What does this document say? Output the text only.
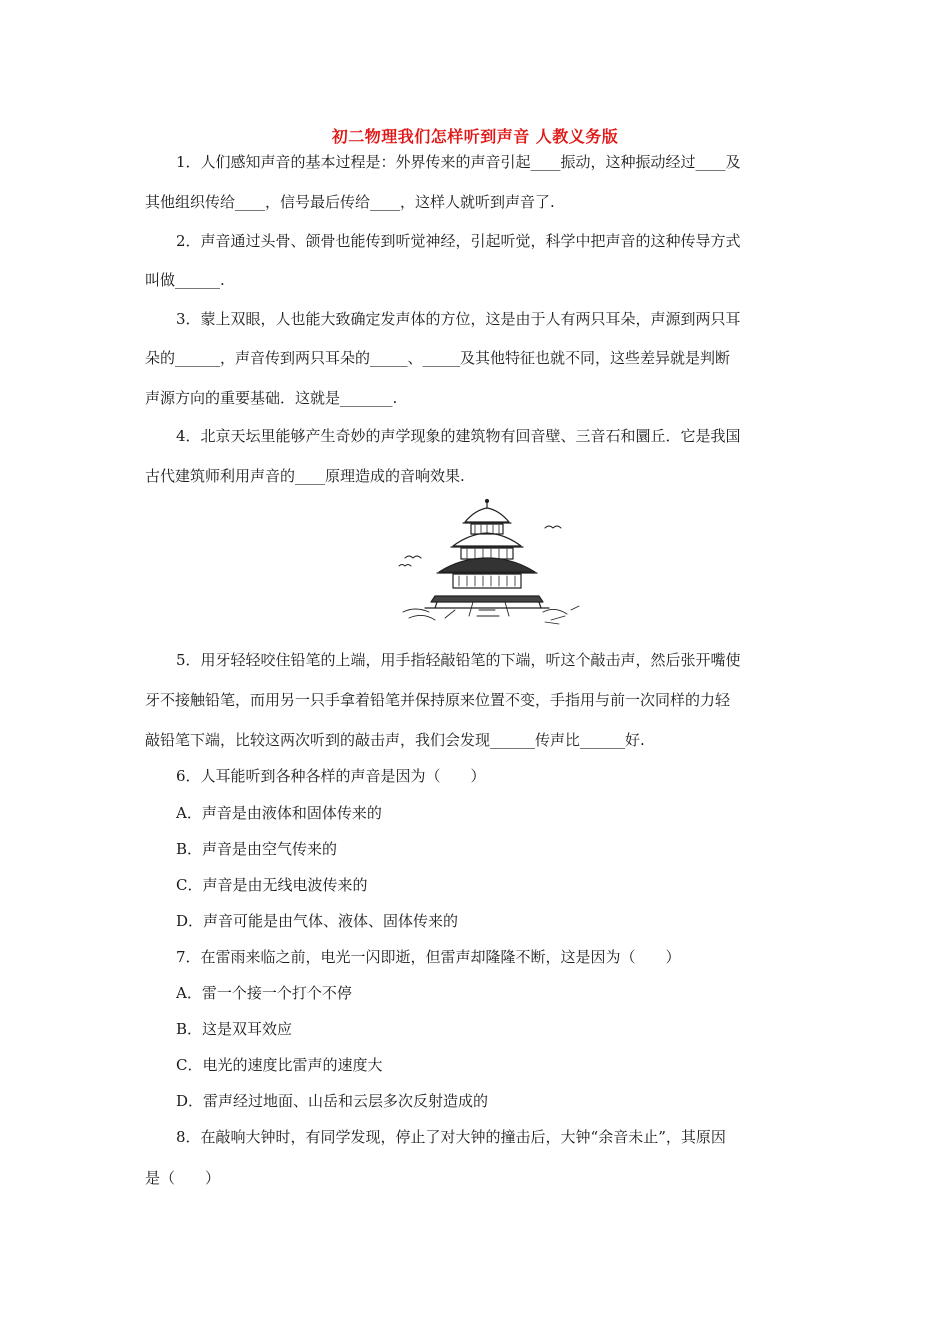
初二物理我们怎样听到声音 人教义务版
1．人们感知声音的基本过程是：外界传来的声音引起____振动，这种振动经过____及
其他组织传给____，信号最后传给____，这样人就听到声音了.
2．声音通过头骨、颌骨也能传到听觉神经，引起听觉，科学中把声音的这种传导方式
叫做______.
3．蒙上双眼，人也能大致确定发声体的方位，这是由于人有两只耳朵，声源到两只耳
朵的______，声音传到两只耳朵的_____、_____及其他特征也就不同，这些差异就是判断
声源方向的重要基础．这就是_______.
4．北京天坛里能够产生奇妙的声学现象的建筑物有回音壁、三音石和圜丘．它是我国
古代建筑师利用声音的____原理造成的音响效果.
5．用牙轻轻咬住铅笔的上端，用手指轻敲铅笔的下端，听这个敲击声，然后张开嘴使
牙不接触铅笔，而用另一只手拿着铅笔并保持原来位置不变，手指用与前一次同样的力轻
敲铅笔下端，比较这两次听到的敲击声，我们会发现______传声比______好.
6．人耳能听到各种各样的声音是因为（　　）
A．声音是由液体和固体传来的
B．声音是由空气传来的
C．声音是由无线电波传来的
D．声音可能是由气体、液体、固体传来的
7．在雷雨来临之前，电光一闪即逝，但雷声却隆隆不断，这是因为（　　）
A．雷一个接一个打个不停
B．这是双耳效应
C．电光的速度比雷声的速度大
D．雷声经过地面、山岳和云层多次反射造成的
8．在敲响大钟时，有同学发现，停止了对大钟的撞击后，大钟“余音未止”，其原因
是（　　）
